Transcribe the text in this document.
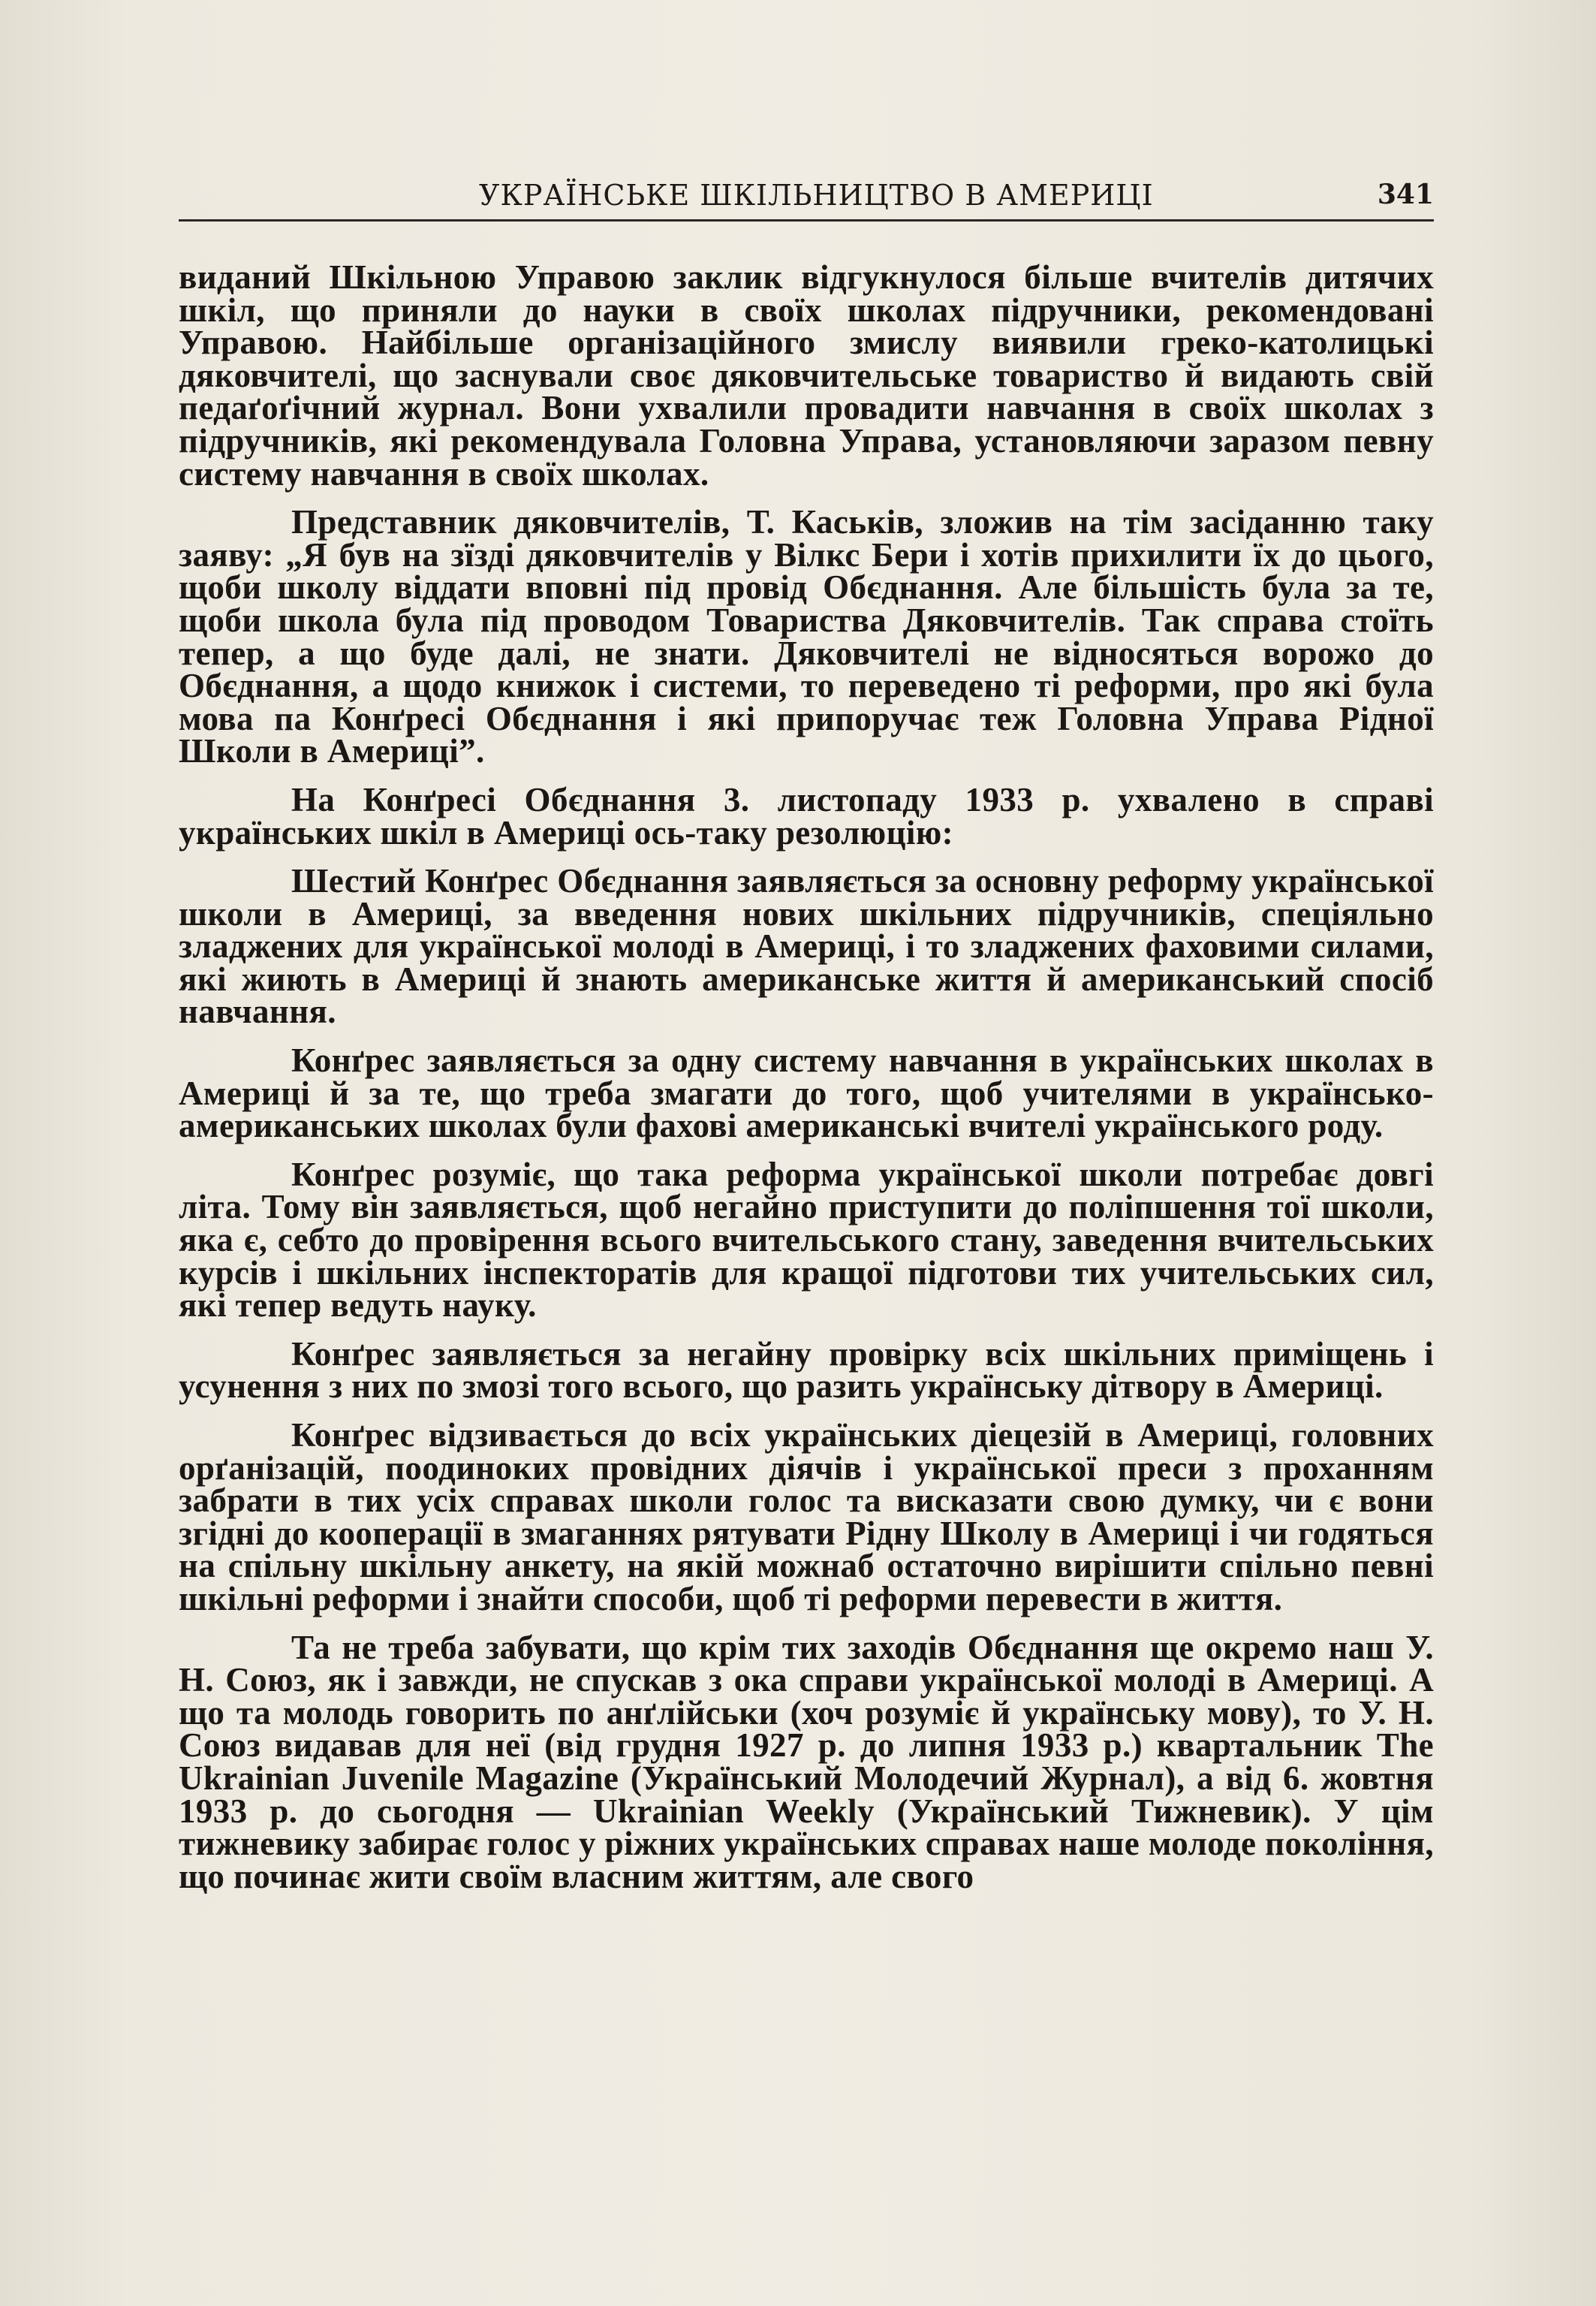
УКРАЇНСЬКЕ ШКІЛЬНИЦТВО В АМЕРИЦІ	341

виданий Шкільною Управою заклик відгукнулося більше вчителів дитячих шкіл, що приняли до науки в своїх школах підручники, рекомендовані Управою. Найбільше організаційного змислу виявили греко-католицькі дяковчителі, що заснували своє дяковчительське товариство й видають свій педаґоґічний журнал. Вони ухвалили провадити навчання в своїх школах з підручників, які рекомендувала Головна Управа, установляючи заразом певну систему навчання в своїх школах.

Представник дяковчителів, Т. Каськів, зложив на тім засіданню таку заяву: „Я був на зїзді дяковчителів у Вілкс Бери і хотів прихилити їх до цього, щоби школу віддати вповні під провід Обєднання. Але більшість була за те, щоби школа була під проводом Товариства Дяковчителів. Так справа стоїть тепер, а що буде далі, не знати. Дяковчителі не відносяться ворожо до Обєднання, а щодо книжок і системи, то переведено ті реформи, про які була мова па Конґресі Обєднання і які припоручає теж Головна Управа Рідної Школи в Америці”.

На Конґресі Обєднання 3. листопаду 1933 р. ухвалено в справі українських шкіл в Америці ось-таку резолюцію:

Шестий Конґрес Обєднання заявляється за основну реформу української школи в Америці, за введення нових шкільних підручників, спеціяльно зладжених для української молоді в Америці, і то зладжених фаховими силами, які жиють в Америці й знають американське життя й американський спосіб навчання.

Конґрес заявляється за одну систему навчання в українських школах в Америці й за те, що треба змагати до того, щоб учителями в українсько-американських школах були фахові американські вчителі українського роду.

Конґрес розуміє, що така реформа української школи потребає довгі літа. Тому він заявляється, щоб негайно приступити до поліпшення тої школи, яка є, себто до провірення всього вчительського стану, заведення вчительських курсів і шкільних інспекторатів для кращої підготови тих учительських сил, які тепер ведуть науку.

Конґрес заявляється за негайну провірку всіх шкільних приміщень і усунення з них по змозі того всього, що разить українську дітвору в Америці.

Конґрес відзивається до всіх українських діецезій в Америці, головних орґанізацій, поодиноких провідних діячів і української преси з проханням забрати в тих усіх справах школи голос та висказати свою думку, чи є вони згідні до кооперації в змаганнях рятувати Рідну Школу в Америці і чи годяться на спільну шкільну анкету, на якій можнаб остаточно вирішити спільно певні шкільні реформи і знайти способи, щоб ті реформи перевести в життя.

Та не треба забувати, що крім тих заходів Обєднання ще окремо наш У. Н. Союз, як і завжди, не спускав з ока справи української молоді в Америці. А що та молодь говорить по анґлійськи (хоч розуміє й українську мову), то У. Н. Союз видавав для неї (від грудня 1927 р. до липня 1933 р.) квартальник The Ukrainian Juvenile Magazine (Український Молодечий Журнал), а від 6. жовтня 1933 р. до сьогодня — Ukrainian Weekly (Український Тижневик). У цім тижневику забирає голос у ріжних українських справах наше молоде покоління, що починає жити своїм власним життям, але свого
